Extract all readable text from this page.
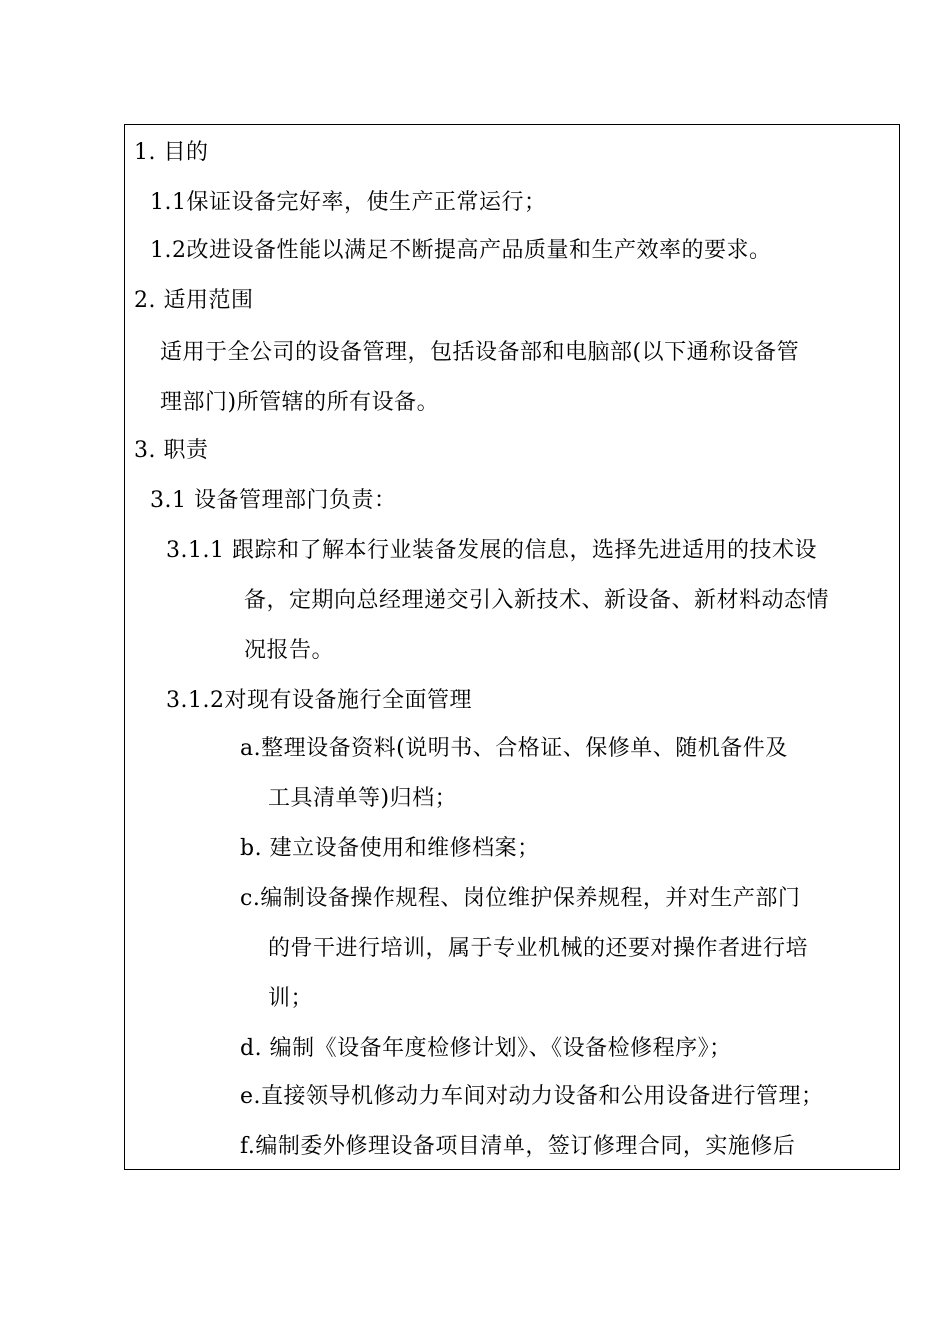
1. 目的
1.1保证设备完好率，使生产正常运行；
1.2改进设备性能以满足不断提高产品质量和生产效率的要求。
2. 适用范围
适用于全公司的设备管理，包括设备部和电脑部(以下通称设备管
理部门)所管辖的所有设备。
3. 职责
3.1 设备管理部门负责：
3.1.1 跟踪和了解本行业装备发展的信息，选择先进适用的技术设
备，定期向总经理递交引入新技术、新设备、新材料动态情
况报告。
3.1.2对现有设备施行全面管理
a.整理设备资料(说明书、合格证、保修单、随机备件及
工具清单等)归档；
b. 建立设备使用和维修档案；
c.编制设备操作规程、岗位维护保养规程，并对生产部门
的骨干进行培训，属于专业机械的还要对操作者进行培
训；
d. 编制《设备年度检修计划》、《设备检修程序》；
e.直接领导机修动力车间对动力设备和公用设备进行管理；
f.编制委外修理设备项目清单，签订修理合同，实施修后
